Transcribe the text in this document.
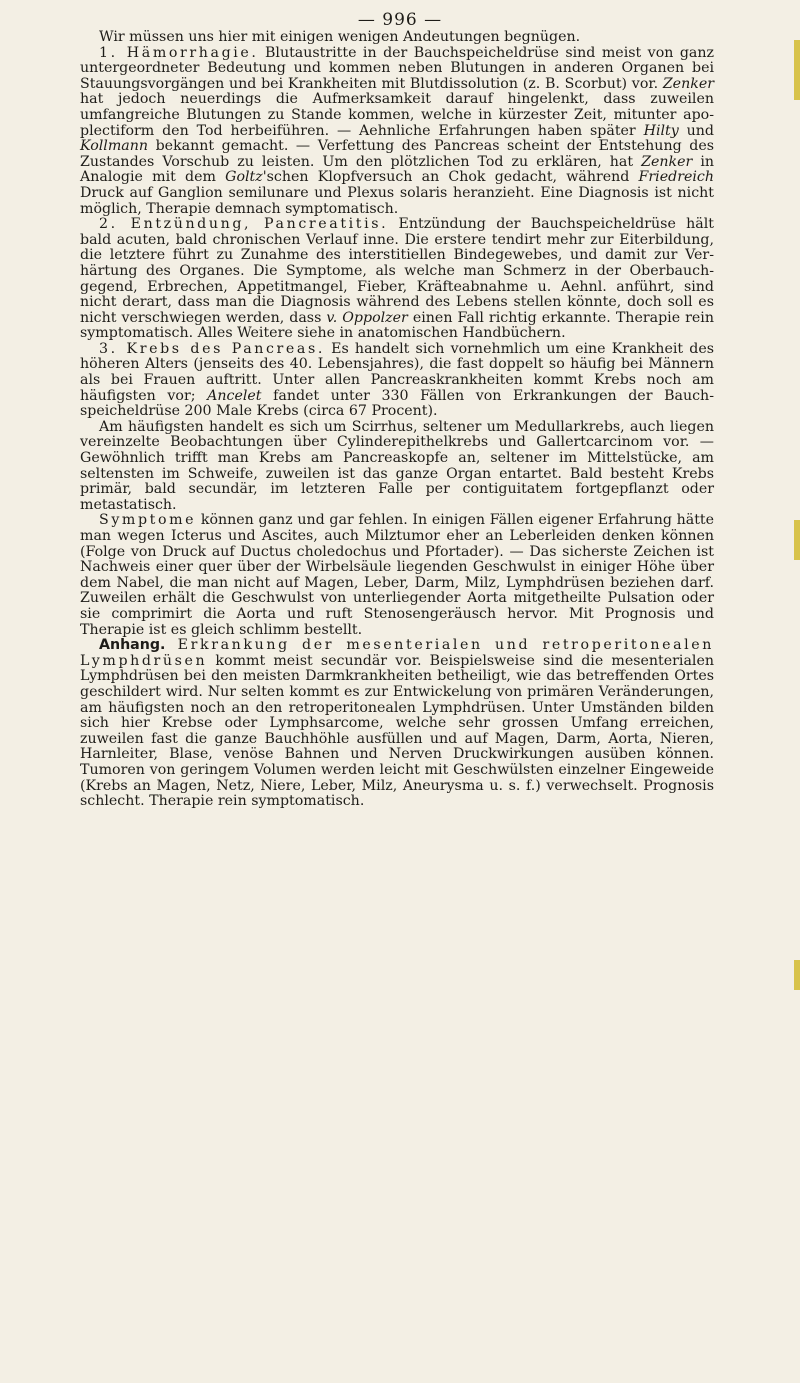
— 996 —

Wir müssen uns hier mit einigen wenigen Andeutungen begnügen.

1. Hämorrhagie. Blutaustritte in der Bauchspeicheldrüse sind meist von ganz untergeordneter Bedeutung und kommen neben Blutungen in anderen Organen bei Stauungsvorgängen und bei Krankheiten mit Blutdissolution (z. B. Scorbut) vor. Zenker hat jedoch neuerdings die Aufmerksamkeit darauf hingelenkt, dass zuweilen umfangreiche Blutungen zu Stande kommen, welche in kürzester Zeit, mitunter apo- plectiform den Tod herbeiführen. — Aehnliche Erfahrungen haben später Hilty und Kollmann bekannt gemacht. — Verfettung des Pancreas scheint der Entstehung des Zustandes Vorschub zu leisten. Um den plötzlichen Tod zu erklären, hat Zenker in Analogie mit dem Goltz'schen Klopfversuch an Chok gedacht, während Friedreich Druck auf Ganglion semilunare und Plexus solaris heranzieht. Eine Diagnosis ist nicht möglich, Therapie demnach symptomatisch.

2. Entzündung, Pancreatitis. Entzündung der Bauchspeicheldrüse hält bald acuten, bald chronischen Verlauf inne. Die erstere tendirt mehr zur Eiterbildung, die letztere führt zu Zunahme des interstitiellen Bindegewebes, und damit zur Ver- härtung des Organes. Die Symptome, als welche man Schmerz in der Oberbauch- gegend, Erbrechen, Appetitmangel, Fieber, Kräfteabnahme u. Aehnl. anführt, sind nicht derart, dass man die Diagnosis während des Lebens stellen könnte, doch soll es nicht verschwiegen werden, dass v. Oppolzer einen Fall richtig erkannte. Therapie rein symptomatisch. Alles Weitere siehe in anatomischen Handbüchern.

3. Krebs des Pancreas. Es handelt sich vornehmlich um eine Krankheit des höheren Alters (jenseits des 40. Lebensjahres), die fast doppelt so häufig bei Männern als bei Frauen auftritt. Unter allen Pancreaskrankheiten kommt Krebs noch am häufigsten vor; Ancelet fandet unter 330 Fällen von Erkrankungen der Bauch- speicheldrüse 200 Male Krebs (circa 67 Procent).

Am häufigsten handelt es sich um Scirrhus, seltener um Medullarkrebs, auch liegen vereinzelte Beobachtungen über Cylinderepithelkrebs und Gallertcarcinom vor. — Gewöhnlich trifft man Krebs am Pancreaskopfe an, seltener im Mittelstücke, am seltensten im Schweife, zuweilen ist das ganze Organ entartet. Bald besteht Krebs primär, bald secundär, im letzteren Falle per contiguitatem fortgepflanzt oder metastatisch.

Symptome können ganz und gar fehlen. In einigen Fällen eigener Erfahrung hätte man wegen Icterus und Ascites, auch Milztumor eher an Leberleiden denken können (Folge von Druck auf Ductus choledochus und Pfortader). — Das sicherste Zeichen ist Nachweis einer quer über der Wirbelsäule liegenden Geschwulst in einiger Höhe über dem Nabel, die man nicht auf Magen, Leber, Darm, Milz, Lymphdrüsen beziehen darf. Zuweilen erhält die Geschwulst von unterliegender Aorta mitgetheilte Pulsation oder sie comprimirt die Aorta und ruft Stenosengeräusch hervor. Mit Prognosis und Therapie ist es gleich schlimm bestellt.

Anhang. Erkrankung der mesenterialen und retroperitonealen Lymphdrüsen kommt meist secundär vor. Beispielsweise sind die mesenterialen Lymphdrüsen bei den meisten Darmkrankheiten betheiligt, wie das betreffenden Ortes geschildert wird. Nur selten kommt es zur Entwickelung von primären Veränderungen, am häufigsten noch an den retroperitonealen Lymphdrüsen. Unter Umständen bilden sich hier Krebse oder Lymphsarcome, welche sehr grossen Umfang erreichen, zuweilen fast die ganze Bauchhöhle ausfüllen und auf Magen, Darm, Aorta, Nieren, Harnleiter, Blase, venöse Bahnen und Nerven Druckwirkungen ausüben können. Tumoren von geringem Volumen werden leicht mit Geschwülsten einzelner Eingeweide (Krebs an Magen, Netz, Niere, Leber, Milz, Aneurysma u. s. f.) verwechselt. Prognosis schlecht. Therapie rein symptomatisch.
